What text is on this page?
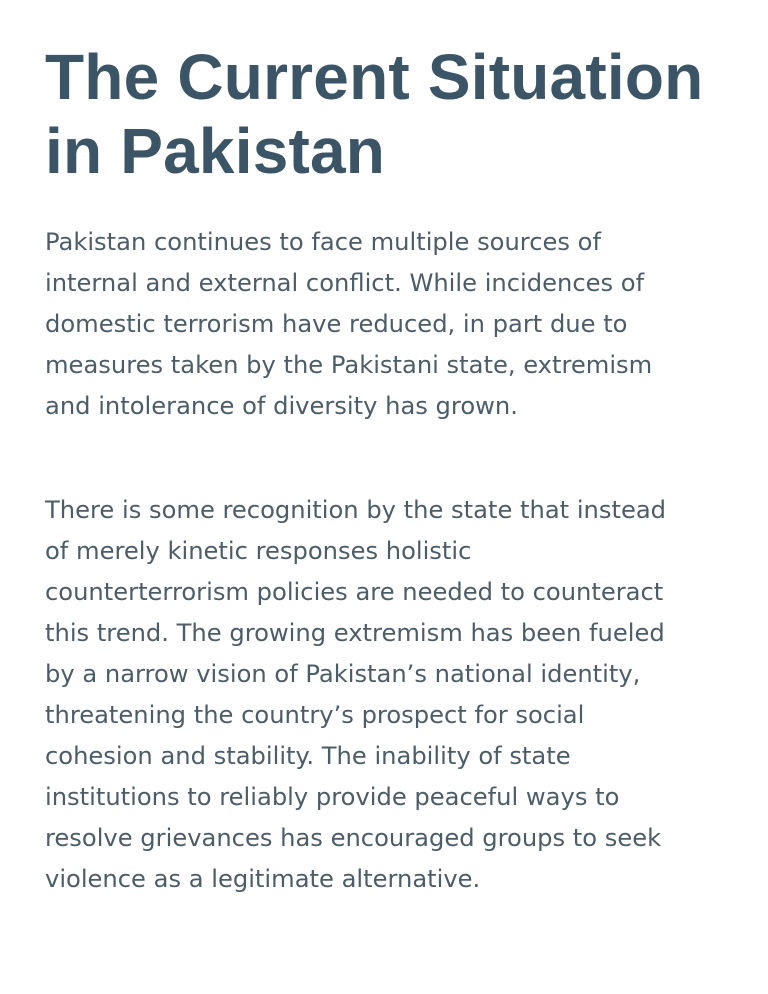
The Current Situation
in Pakistan

Pakistan continues to face multiple sources of
internal and external conflict. While incidences of
domestic terrorism have reduced, in part due to
measures taken by the Pakistani state, extremism
and intolerance of diversity has grown.

There is some recognition by the state that instead
of merely kinetic responses holistic
counterterrorism policies are needed to counteract
this trend. The growing extremism has been fueled
by a narrow vision of Pakistan’s national identity,
threatening the country’s prospect for social
cohesion and stability. The inability of state
institutions to reliably provide peaceful ways to
resolve grievances has encouraged groups to seek
violence as a legitimate alternative.
